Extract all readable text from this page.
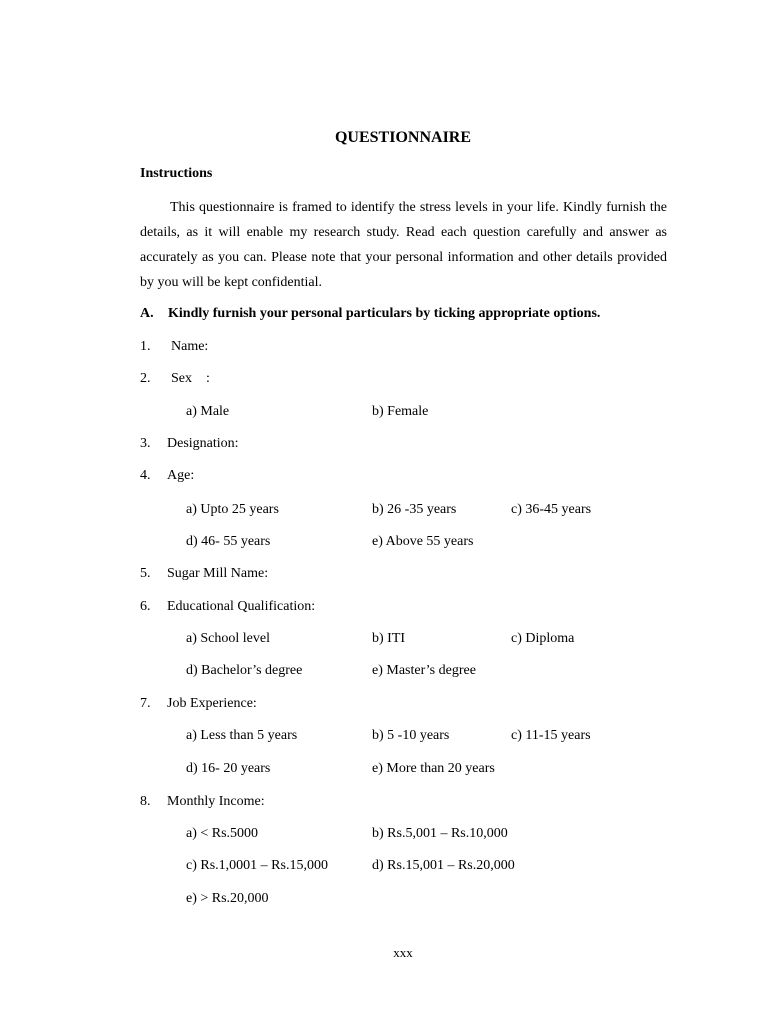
QUESTIONNAIRE
Instructions
This questionnaire is framed to identify the stress levels in your life. Kindly furnish the details, as it will enable my research study. Read each question carefully and answer as accurately as you can. Please note that your personal information and other details provided by you will be kept confidential.
A. Kindly furnish your personal particulars by ticking appropriate options.
1. Name:
2. Sex    :
a) Male	b) Female
3. Designation:
4. Age:
a) Upto 25 years	b) 26 -35 years	c) 36-45 years
d) 46- 55 years	e) Above 55 years
5. Sugar Mill Name:
6. Educational Qualification:
a) School level	b) ITI	c) Diploma
d) Bachelor’s degree	e) Master’s degree
7. Job Experience:
a) Less than 5 years	b) 5 -10 years	c) 11-15 years
d) 16- 20 years	e) More than 20 years
8. Monthly Income:
a) < Rs.5000	b) Rs.5,001 – Rs.10,000
c) Rs.1,0001 – Rs.15,000	d) Rs.15,001 – Rs.20,000
e) > Rs.20,000
xxx
